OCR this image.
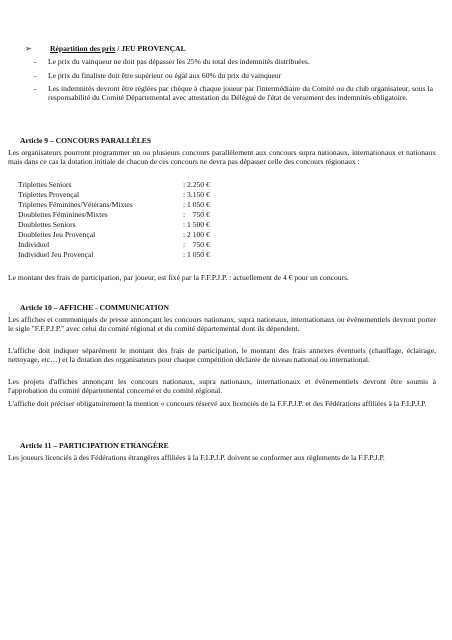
➢ Répartition des prix / JEU PROVENÇAL
- Le prix du vainqueur ne doit pas dépasser les 25% du total des indemnités distribuées.
- Le prix du finaliste doit être supérieur ou égal aux 60% du prix du vainqueur
- Les indemnités devront être réglées par chèque à chaque joueur par l'intermédiaire du Comité ou du club organisateur, sous la responsabilité du Comité Départemental avec attestation du Délégué de l'état de versement des indemnités obligatoire.
Article 9 – CONCOURS PARALLÈLES
Les organisateurs pourront programmer un ou plusieurs concours parallèlement aux concours supra nationaux, internationaux et nationaux mais dans ce cas la dotation initiale de chacun de ces concours ne devra pas dépasser celle des concours régionaux :
Triplettes Seniors	: 2.250 €
Triplettes Provençal	: 3.150 €
Triplettes Féminines/Vétérans/Mixtes	: 1 050 €
Doublettes Féminines/Mixtes	:    750 €
Doublettes Seniors	: 1 500 €
Doublettes Jeu Provençal	: 2 100 €
Individuel	:    750 €
Individuel Jeu Provençal	: 1 050 €
Le montant des frais de participation, par joueur, est fixé par la F.F.P.J.P. : actuellement de 4 € pour un concours.
Article 10 – AFFICHE - COMMUNICATION
Les affiches et communiqués de presse annonçant les concours nationaux, supra nationaux, internationaux ou évènementiels devront porter le sigle "F.F.P.J.P." avec celui du comité régional et du comité départemental dont ils dépendent.
L'affiche doit indiquer séparément le montant des frais de participation, le montant des frais annexes éventuels (chauffage, éclairage, nettoyage, etc…) et la dotation des organisateurs pour chaque compétition déclarée de niveau national ou international.
Les projets d'affiches annonçant les concours nationaux, supra nationaux, internationaux et évènementiels devront être soumis à l'approbation du comité départemental concerné et du comité régional.
L'affiche doit préciser obligatoirement la mention « concours réservé aux licenciés de la F.F.P.J.P. et des Fédérations affiliées à la F.I.P.J.P.
Article 11 – PARTICIPATION ETRANGÈRE
Les joueurs licenciés à des Fédérations étrangères affiliées à la F.I.P.J.P. doivent se conformer aux règlements de la F.F.P.J.P.
